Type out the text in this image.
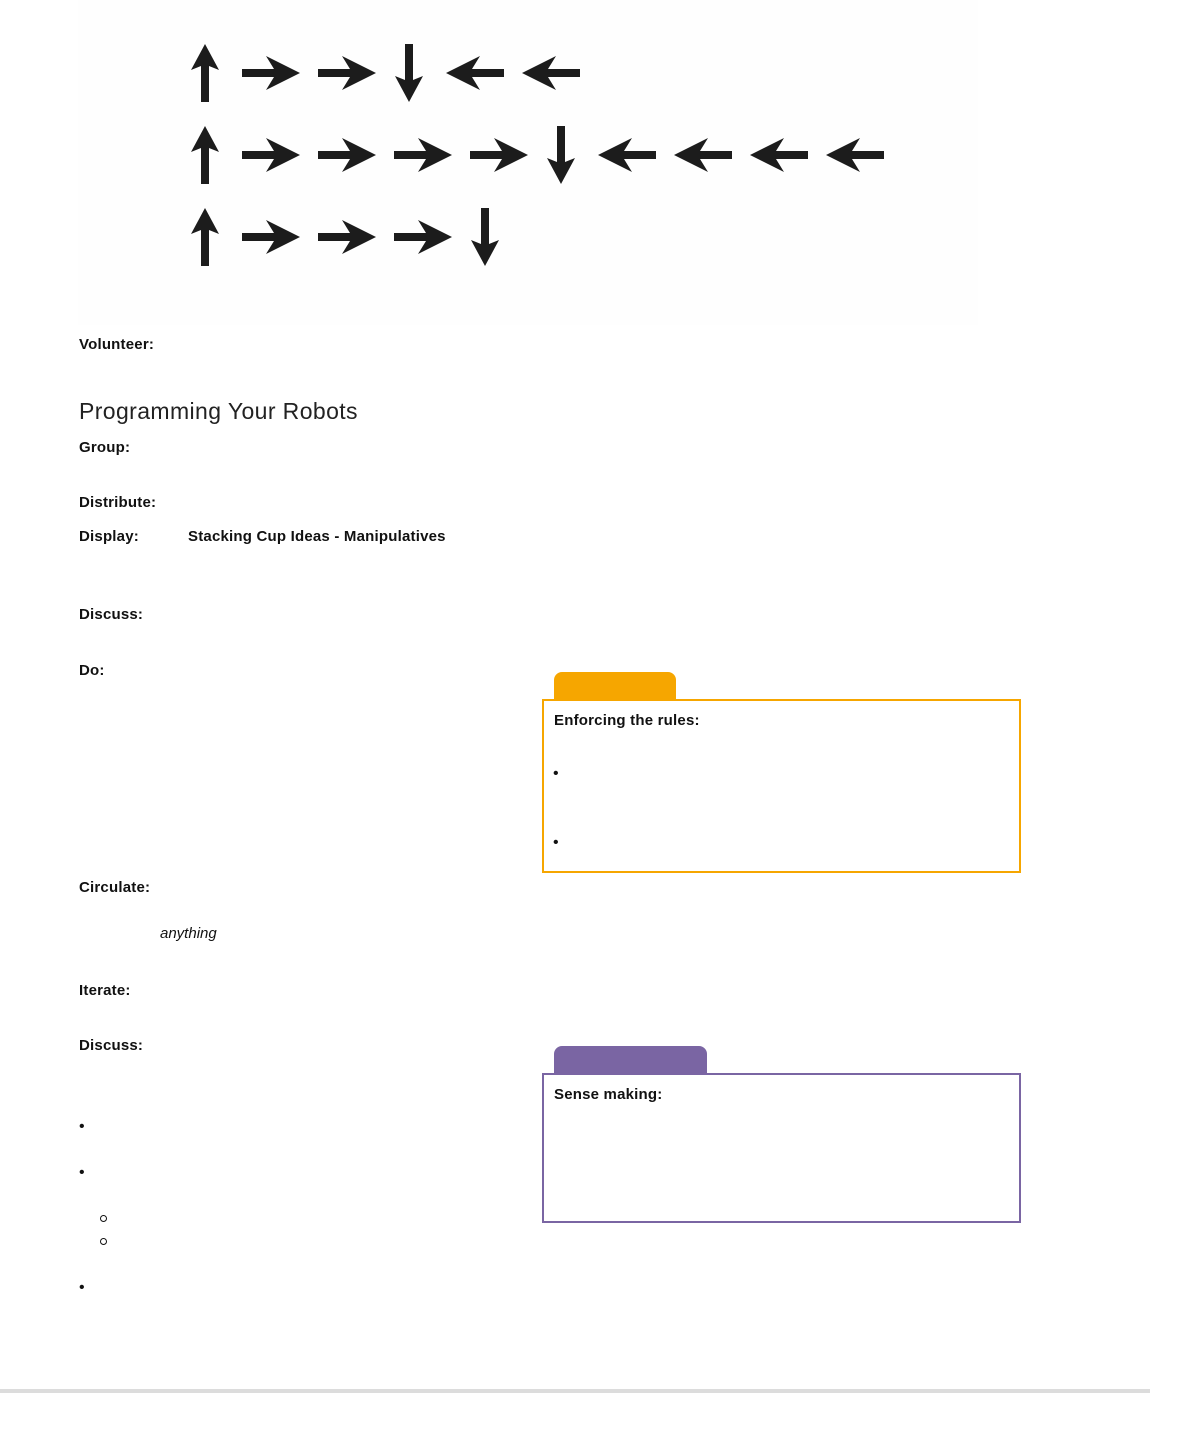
Volunteer:
Programming Your Robots
Group:
Distribute:
Display:	Stacking Cup Ideas - Manipulatives
Discuss:
Do:
Enforcing the rules:
•
•
Circulate:
anything
Iterate:
Discuss:
Sense making:
•
•
•
